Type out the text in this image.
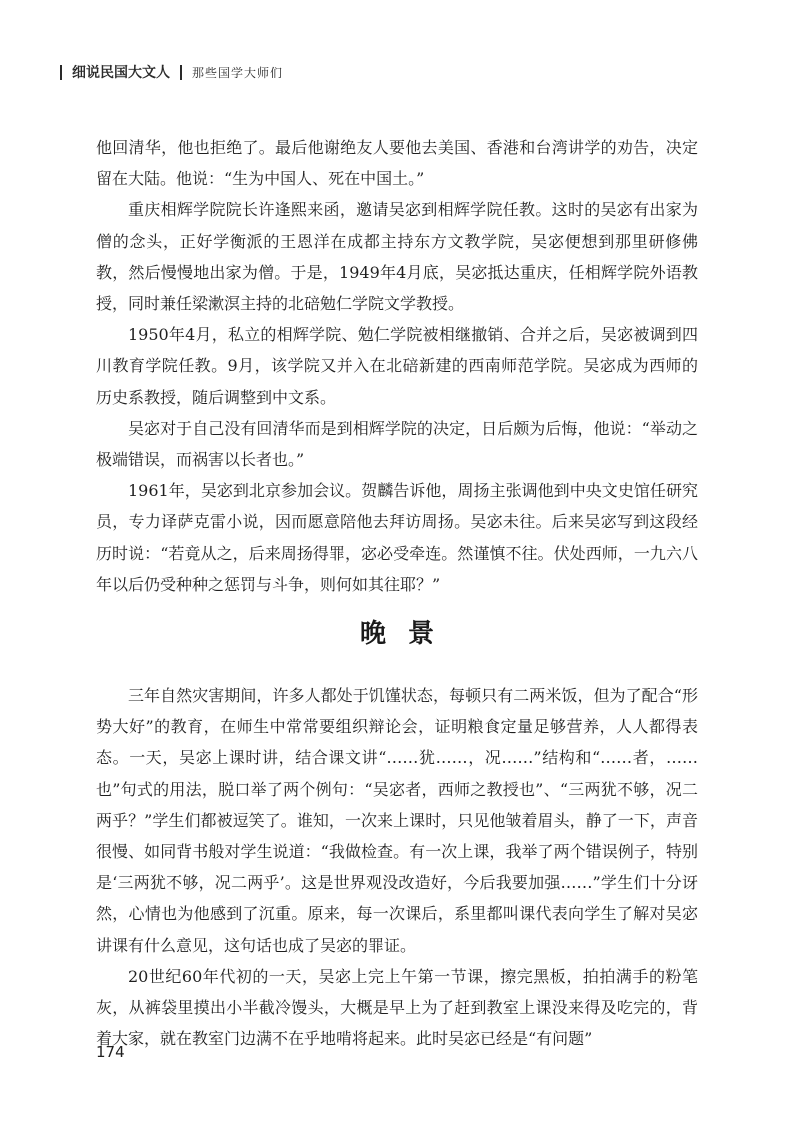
细说民国大文人 那些国学大师们

他回清华，他也拒绝了。最后他谢绝友人要他去美国、香港和台湾讲学的劝告，决定留在大陆。他说：“生为中国人、死在中国土。”

重庆相辉学院院长许逢熙来函，邀请吴宓到相辉学院任教。这时的吴宓有出家为僧的念头，正好学衡派的王恩洋在成都主持东方文教学院，吴宓便想到那里研修佛教，然后慢慢地出家为僧。于是，1949年4月底，吴宓抵达重庆，任相辉学院外语教授，同时兼任梁漱溟主持的北碚勉仁学院文学教授。

1950年4月，私立的相辉学院、勉仁学院被相继撤销、合并之后，吴宓被调到四川教育学院任教。9月，该学院又并入在北碚新建的西南师范学院。吴宓成为西师的历史系教授，随后调整到中文系。

吴宓对于自己没有回清华而是到相辉学院的决定，日后颇为后悔，他说：“举动之极端错误，而祸害以长者也。”

1961年，吴宓到北京参加会议。贺麟告诉他，周扬主张调他到中央文史馆任研究员，专力译萨克雷小说，因而愿意陪他去拜访周扬。吴宓未往。后来吴宓写到这段经历时说：“若竟从之，后来周扬得罪，宓必受牵连。然谨慎不往。伏处西师，一九六八年以后仍受种种之惩罚与斗争，则何如其往耶？”

晚景

三年自然灾害期间，许多人都处于饥馑状态，每顿只有二两米饭，但为了配合“形势大好”的教育，在师生中常常要组织辩论会，证明粮食定量足够营养，人人都得表态。一天，吴宓上课时讲，结合课文讲“……犹……，况……”结构和“……者，……也”句式的用法，脱口举了两个例句：“吴宓者，西师之教授也”、“三两犹不够，况二两乎？”学生们都被逗笑了。谁知，一次来上课时，只见他皱着眉头，静了一下，声音很慢、如同背书般对学生说道：“我做检查。有一次上课，我举了两个错误例子，特别是‘三两犹不够，况二两乎’。这是世界观没改造好，今后我要加强……”学生们十分讶然，心情也为他感到了沉重。原来，每一次课后，系里都叫课代表向学生了解对吴宓讲课有什么意见，这句话也成了吴宓的罪证。

20世纪60年代初的一天，吴宓上完上午第一节课，擦完黑板，拍拍满手的粉笔灰，从裤袋里摸出小半截冷馒头，大概是早上为了赶到教室上课没来得及吃完的，背着大家，就在教室门边满不在乎地啃将起来。此时吴宓已经是“有问题”

174
